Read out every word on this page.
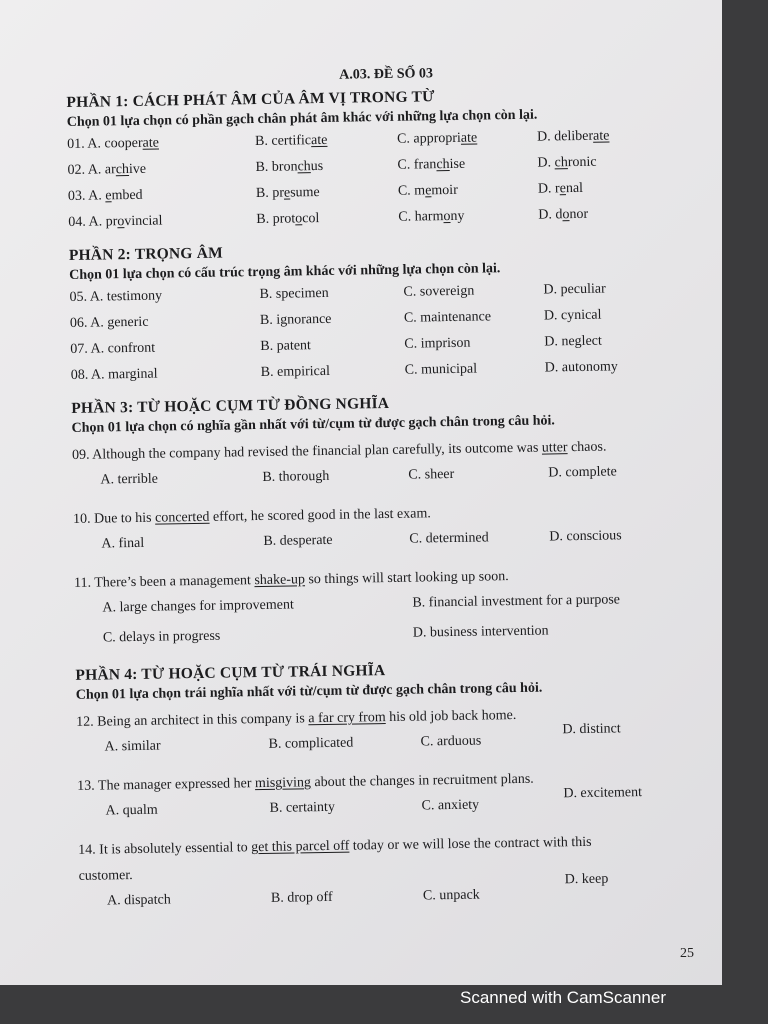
A.03. ĐỀ SỐ 03
PHẦN 1: CÁCH PHÁT ÂM CỦA ÂM VỊ TRONG TỪ
Chọn 01 lựa chọn có phần gạch chân phát âm khác với những lựa chọn còn lại.
01. A. cooperate	B. certificate	C. appropriate	D. deliberate
02. A. archive	B. bronchus	C. franchise	D. chronic
03. A. embed	B. presume	C. memoir	D. renal
04. A. provincial	B. protocol	C. harmony	D. donor
PHẦN 2: TRỌNG ÂM
Chọn 01 lựa chọn có cấu trúc trọng âm khác với những lựa chọn còn lại.
05. A. testimony	B. specimen	C. sovereign	D. peculiar
06. A. generic	B. ignorance	C. maintenance	D. cynical
07. A. confront	B. patent	C. imprison	D. neglect
08. A. marginal	B. empirical	C. municipal	D. autonomy
PHẦN 3: TỪ HOẶC CỤM TỪ ĐỒNG NGHĨA
Chọn 01 lựa chọn có nghĩa gần nhất với từ/cụm từ được gạch chân trong câu hỏi.
09. Although the company had revised the financial plan carefully, its outcome was utter chaos.
A. terrible	B. thorough	C. sheer	D. complete
10. Due to his concerted effort, he scored good in the last exam.
A. final	B. desperate	C. determined	D. conscious
11. There’s been a management shake-up so things will start looking up soon.
A. large changes for improvement	B. financial investment for a purpose
C. delays in progress	D. business intervention
PHẦN 4: TỪ HOẶC CỤM TỪ TRÁI NGHĨA
Chọn 01 lựa chọn trái nghĩa nhất với từ/cụm từ được gạch chân trong câu hỏi.
12. Being an architect in this company is a far cry from his old job back home.
A. similar	B. complicated	C. arduous
D. distinct
13. The manager expressed her misgiving about the changes in recruitment plans.
A. qualm	B. certainty	C. anxiety
D. excitement
14. It is absolutely essential to get this parcel off today or we will lose the contract with this
customer.
A. dispatch	B. drop off	C. unpack
D. keep
25
Scanned with CamScanner
